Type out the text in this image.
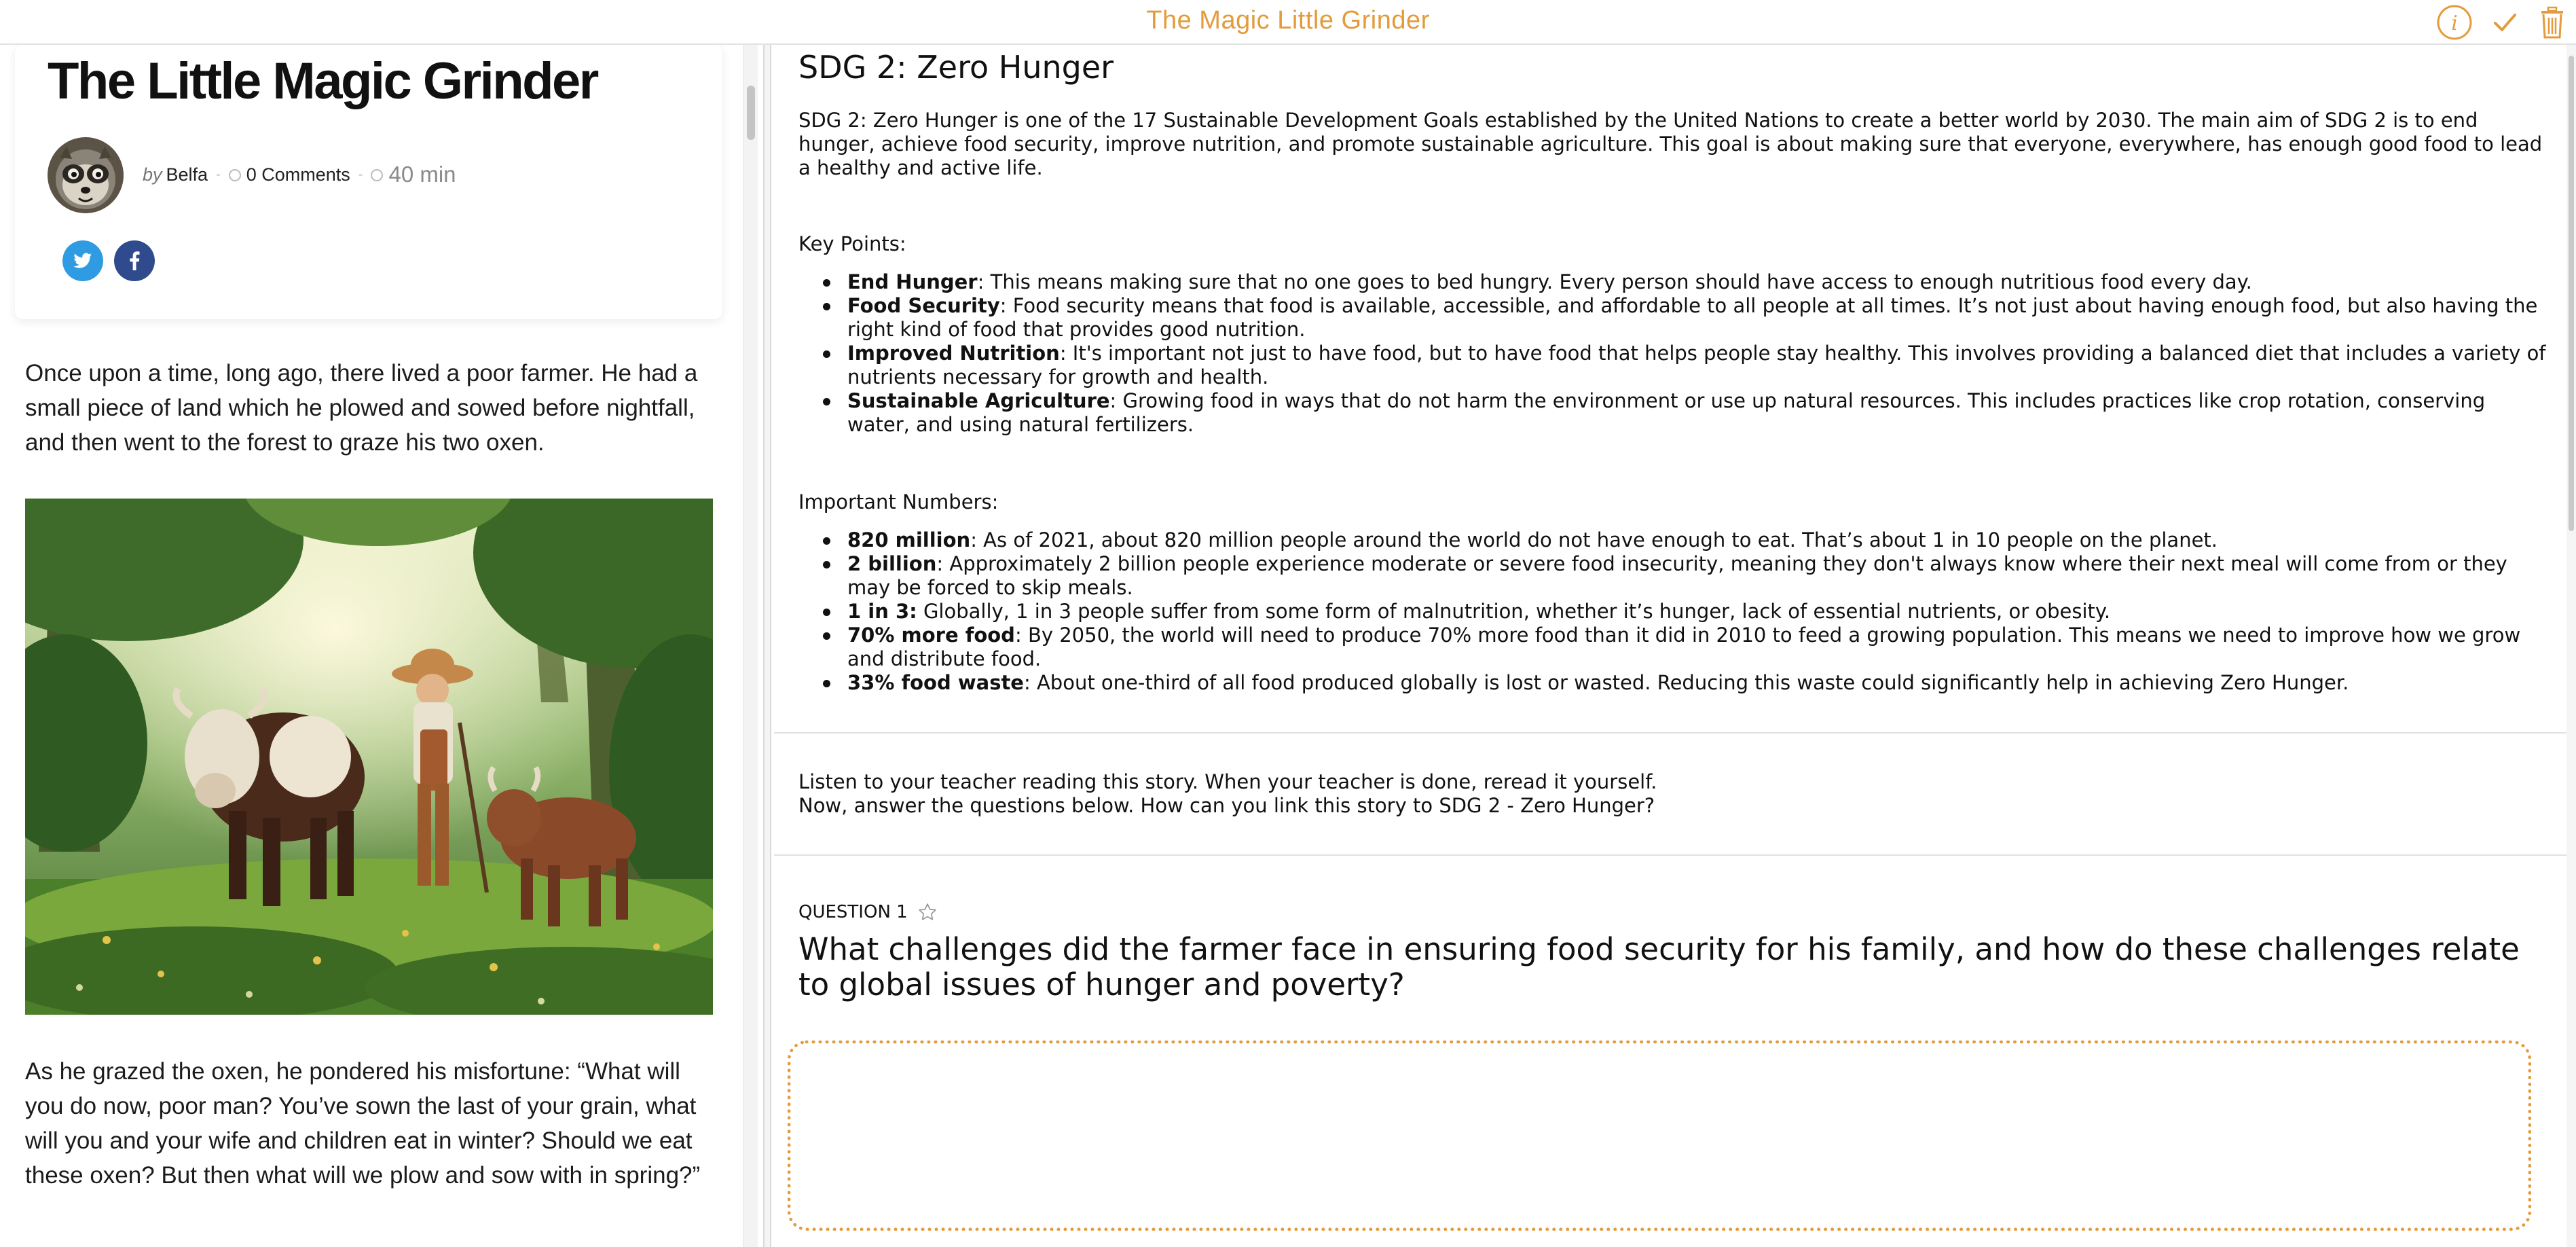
The Magic Little Grinder	i
The Little Magic Grinder
by Belfa - 0 Comments - 40 min

Once upon a time, long ago, there lived a poor farmer. He had a small piece of land which he plowed and sowed before nightfall, and then went to the forest to graze his two oxen.

As he grazed the oxen, he pondered his misfortune: “What will you do now, poor man? You’ve sown the last of your grain, what will you and your wife and children eat in winter? Should we eat these oxen? But then what will we plow and sow with in spring?”

SDG 2: Zero Hunger

SDG 2: Zero Hunger is one of the 17 Sustainable Development Goals established by the United Nations to create a better world by 2030. The main aim of SDG 2 is to end hunger, achieve food security, improve nutrition, and promote sustainable agriculture. This goal is about making sure that everyone, everywhere, has enough good food to lead a healthy and active life.

Key Points:
End Hunger: This means making sure that no one goes to bed hungry. Every person should have access to enough nutritious food every day.
Food Security: Food security means that food is available, accessible, and affordable to all people at all times. It’s not just about having enough food, but also having the right kind of food that provides good nutrition.
Improved Nutrition: It's important not just to have food, but to have food that helps people stay healthy. This involves providing a balanced diet that includes a variety of nutrients necessary for growth and health.
Sustainable Agriculture: Growing food in ways that do not harm the environment or use up natural resources. This includes practices like crop rotation, conserving water, and using natural fertilizers.
Important Numbers:
820 million: As of 2021, about 820 million people around the world do not have enough to eat. That’s about 1 in 10 people on the planet.
2 billion: Approximately 2 billion people experience moderate or severe food insecurity, meaning they don't always know where their next meal will come from or they may be forced to skip meals.
1 in 3: Globally, 1 in 3 people suffer from some form of malnutrition, whether it’s hunger, lack of essential nutrients, or obesity.
70% more food: By 2050, the world will need to produce 70% more food than it did in 2010 to feed a growing population. This means we need to improve how we grow and distribute food.
33% food waste: About one-third of all food produced globally is lost or wasted. Reducing this waste could significantly help in achieving Zero Hunger.
Listen to your teacher reading this story. When your teacher is done, reread it yourself.
Now, answer the questions below. How can you link this story to SDG 2 - Zero Hunger?
QUESTION 1
What challenges did the farmer face in ensuring food security for his family, and how do these challenges relate to global issues of hunger and poverty?
